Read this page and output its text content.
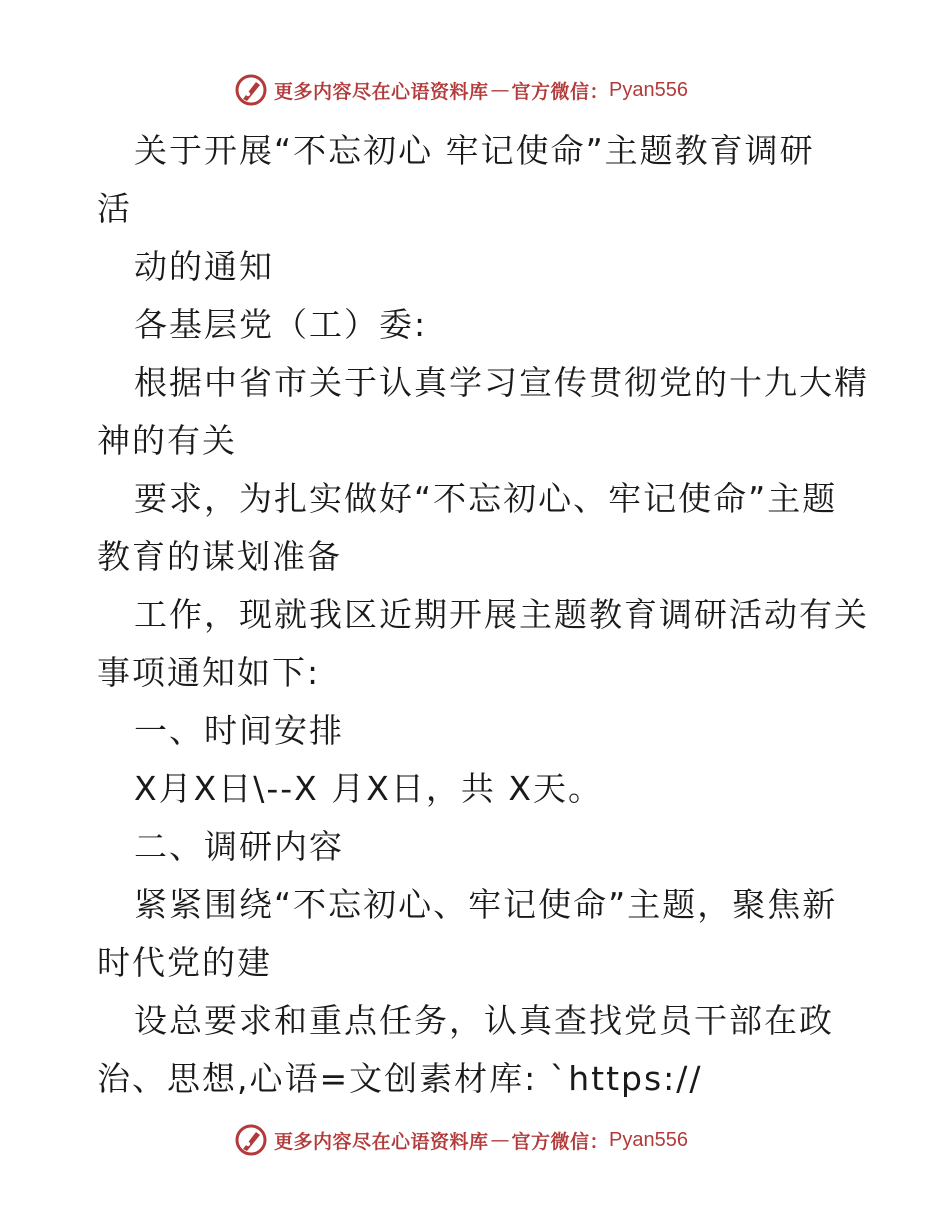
更多内容尽在心语资料库 — 官方微信： Pyan556
关于开展“不忘初心 牢记使命”主题教育调研
活
动的通知
各基层党（工）委:
根据中省市关于认真学习宣传贯彻党的十九大精
神的有关
要求，为扎实做好“不忘初心、牢记使命”主题
教育的谋划准备
工作，现就我区近期开展主题教育调研活动有关
事项通知如下:
一、时间安排
X月X日\--X 月X日，共 X天。
二、调研内容
紧紧围绕“不忘初心、牢记使命”主题，聚焦新
时代党的建
设总要求和重点任务，认真查找党员干部在政
治、思想,心语=文创素材库: `https://
更多内容尽在心语资料库 — 官方微信： Pyan556
